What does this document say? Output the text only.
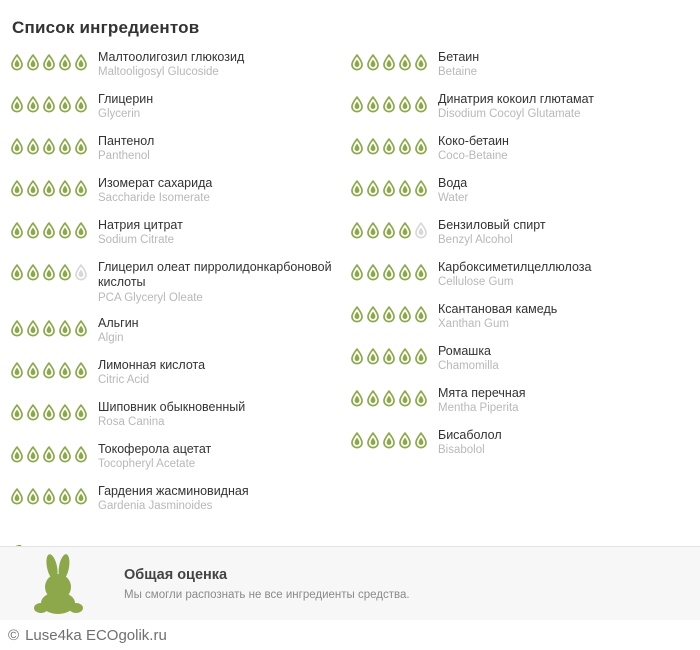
Список ингредиентов
Малтоолигозил глюкозид
Maltooligosyl Glucoside
Глицерин
Glycerin
Пантенол
Panthenol
Изомерат сахарида
Saccharide Isomerate
Натрия цитрат
Sodium Citrate
Глицерил олеат пирролидонкарбоновой кислоты
PCA Glyceryl Oleate
Альгин
Algin
Лимонная кислота
Citric Acid
Шиповник обыкновенный
Rosa Canina
Токоферола ацетат
Tocopheryl Acetate
Гардения жасминовидная
Gardenia Jasminoides
Бетаин
Betaine
Динатрия кокоил глютамат
Disodium Cocoyl Glutamate
Коко-бетаин
Coco-Betaine
Вода
Water
Бензиловый спирт
Benzyl Alcohol
Карбоксиметилцеллюлоза
Cellulose Gum
Ксантановая камедь
Xanthan Gum
Ромашка
Chamomilla
Мята перечная
Mentha Piperita
Бисаболол
Bisabolol
Общая оценка
Мы смогли распознать не все ингредиенты средства.
© Luse4ka ECOgolik.ru
